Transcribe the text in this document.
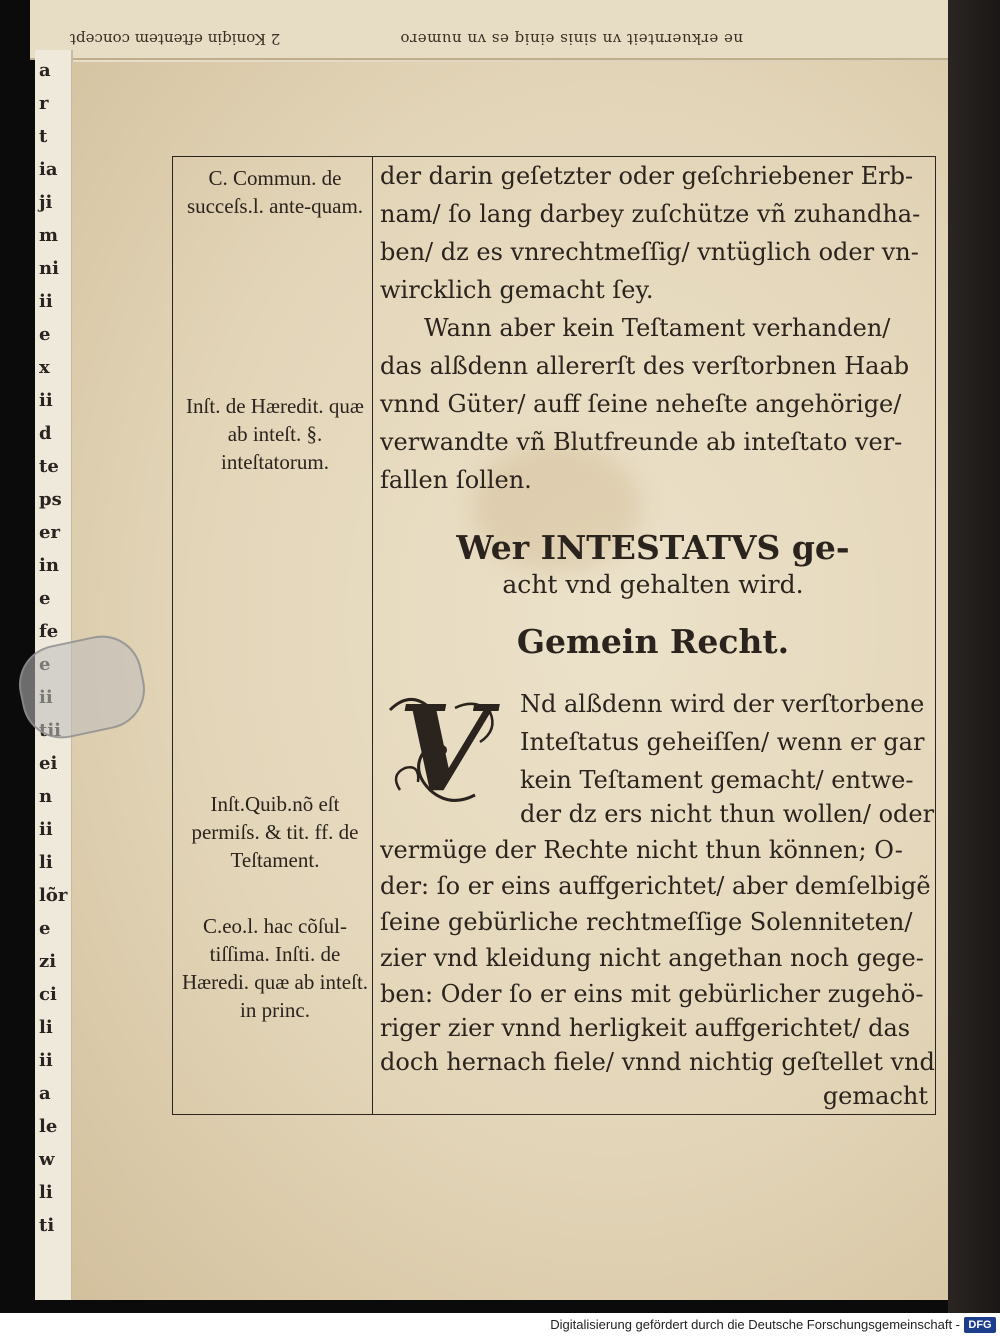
2 Koniqin eftentem concept	ne erkuernteit vn sinis einiq es vn numero
a
r
t
ia
ji
m
ni
ii
e
x
ii
d
te
ps
er
in
e
fe
ei
n
ii
li
lõr
e
zi
ci
li
ii
a
le
w
li
ti
C. Commun. de succeſs.l. ante-quam.
Inſt. de Hæredit. quæ ab inteſt. §. inteſtatorum.
Inſt.Quib.nõ eſt permiſs. & tit. ff. de Teſtament.
C.eo.l. hac cõſul-tiſſima. Inſti. de Hæredi. quæ ab inteſt. in princ.
der darin geſetzter oder geſchriebener Erb-
nam/ ſo lang darbey zuſchütze vñ zuhandha-
ben/ dz es vnrechtmeſſig/ vntüglich oder vn-
wircklich gemacht ſey.
Wann aber kein Teſtament verhanden/
das alßdenn allererſt des verſtorbnen Haab
vnnd Güter/ auff ſeine neheſte angehörige/
verwandte vñ Blutfreunde ab inteſtato ver-
fallen ſollen.
Wer INTESTATVS ge-
acht vnd gehalten wird.
Gemein Recht.
V	Nd alßdenn wird der verſtorbene
Inteſtatus geheiſſen/ wenn er gar
kein Teſtament gemacht/ entwe-
der dz ers nicht thun wollen/ oder
vermüge der Rechte nicht thun können; O-
der: ſo er eins auffgerichtet/ aber demſelbigẽ
ſeine gebürliche rechtmeſſige Solenniteten/
zier vnd kleidung nicht angethan noch gege-
ben: Oder ſo er eins mit gebürlicher zugehö-
riger zier vnnd herligkeit auffgerichtet/ das
doch hernach fiele/ vnnd nichtig geſtellet vnd
gemacht
Digitalisierung gefördert durch die Deutsche Forschungsgemeinschaft - DFG
